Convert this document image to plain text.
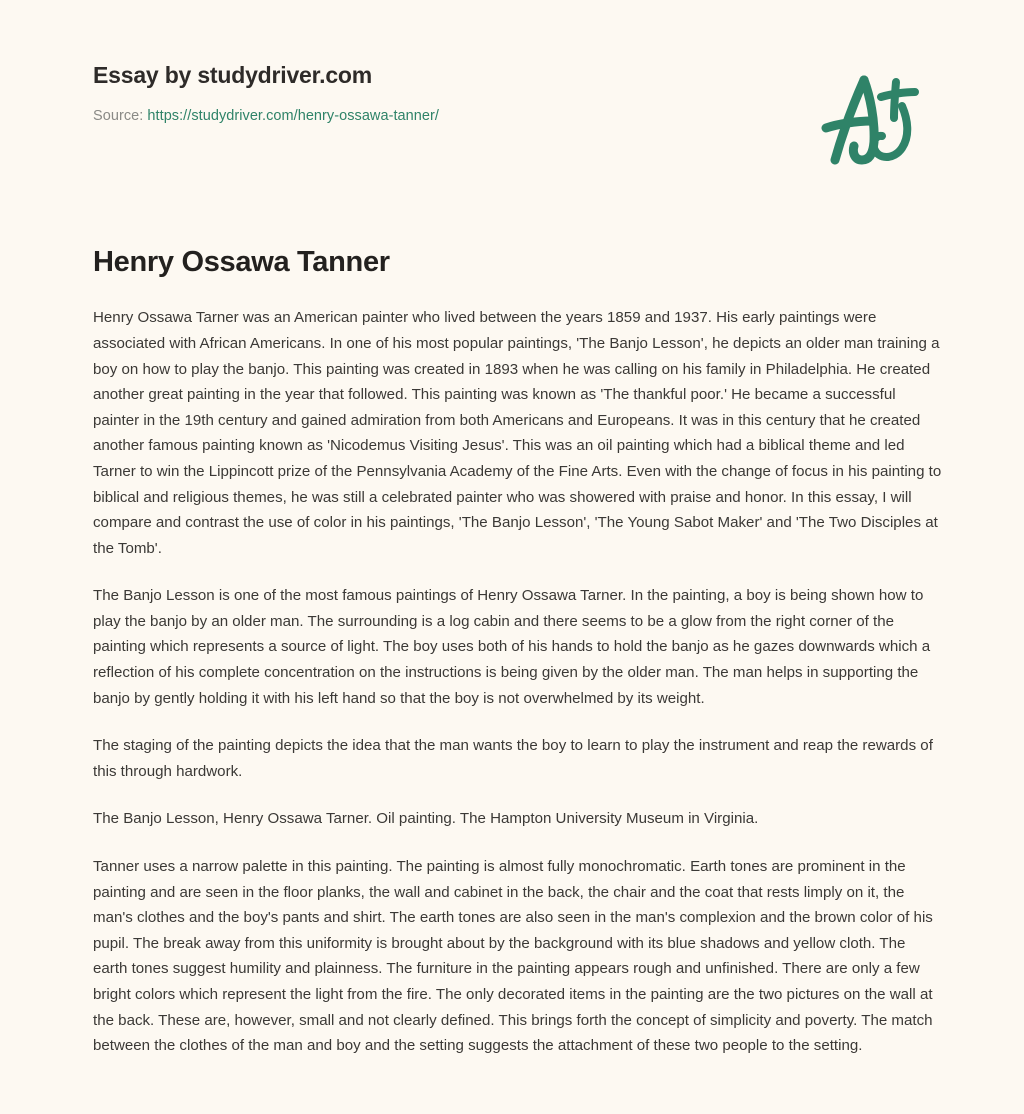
Essay by studydriver.com
Source: https://studydriver.com/henry-ossawa-tanner/
Henry Ossawa Tanner

Henry Ossawa Tarner was an American painter who lived between the years 1859 and 1937. His early paintings were associated with African Americans. In one of his most popular paintings, 'The Banjo Lesson', he depicts an older man training a boy on how to play the banjo. This painting was created in 1893 when he was calling on his family in Philadelphia. He created another great painting in the year that followed. This painting was known as 'The thankful poor.' He became a successful painter in the 19th century and gained admiration from both Americans and Europeans. It was in this century that he created another famous painting known as 'Nicodemus Visiting Jesus'. This was an oil painting which had a biblical theme and led Tarner to win the Lippincott prize of the Pennsylvania Academy of the Fine Arts. Even with the change of focus in his painting to biblical and religious themes, he was still a celebrated painter who was showered with praise and honor. In this essay, I will compare and contrast the use of color in his paintings, 'The Banjo Lesson', 'The Young Sabot Maker' and 'The Two Disciples at the Tomb'.

The Banjo Lesson is one of the most famous paintings of Henry Ossawa Tarner. In the painting, a boy is being shown how to play the banjo by an older man. The surrounding is a log cabin and there seems to be a glow from the right corner of the painting which represents a source of light. The boy uses both of his hands to hold the banjo as he gazes downwards which a reflection of his complete concentration on the instructions is being given by the older man. The man helps in supporting the banjo by gently holding it with his left hand so that the boy is not overwhelmed by its weight.

The staging of the painting depicts the idea that the man wants the boy to learn to play the instrument and reap the rewards of this through hardwork.

The Banjo Lesson, Henry Ossawa Tarner. Oil painting. The Hampton University Museum in Virginia.

Tanner uses a narrow palette in this painting. The painting is almost fully monochromatic. Earth tones are prominent in the painting and are seen in the floor planks, the wall and cabinet in the back, the chair and the coat that rests limply on it, the man's clothes and the boy's pants and shirt. The earth tones are also seen in the man's complexion and the brown color of his pupil. The break away from this uniformity is brought about by the background with its blue shadows and yellow cloth. The earth tones suggest humility and plainness. The furniture in the painting appears rough and unfinished. There are only a few bright colors which represent the light from the fire. The only decorated items in the painting are the two pictures on the wall at the back. These are, however, small and not clearly defined. This brings forth the concept of simplicity and poverty. The match between the clothes of the man and boy and the setting suggests the attachment of these two people to the setting.
